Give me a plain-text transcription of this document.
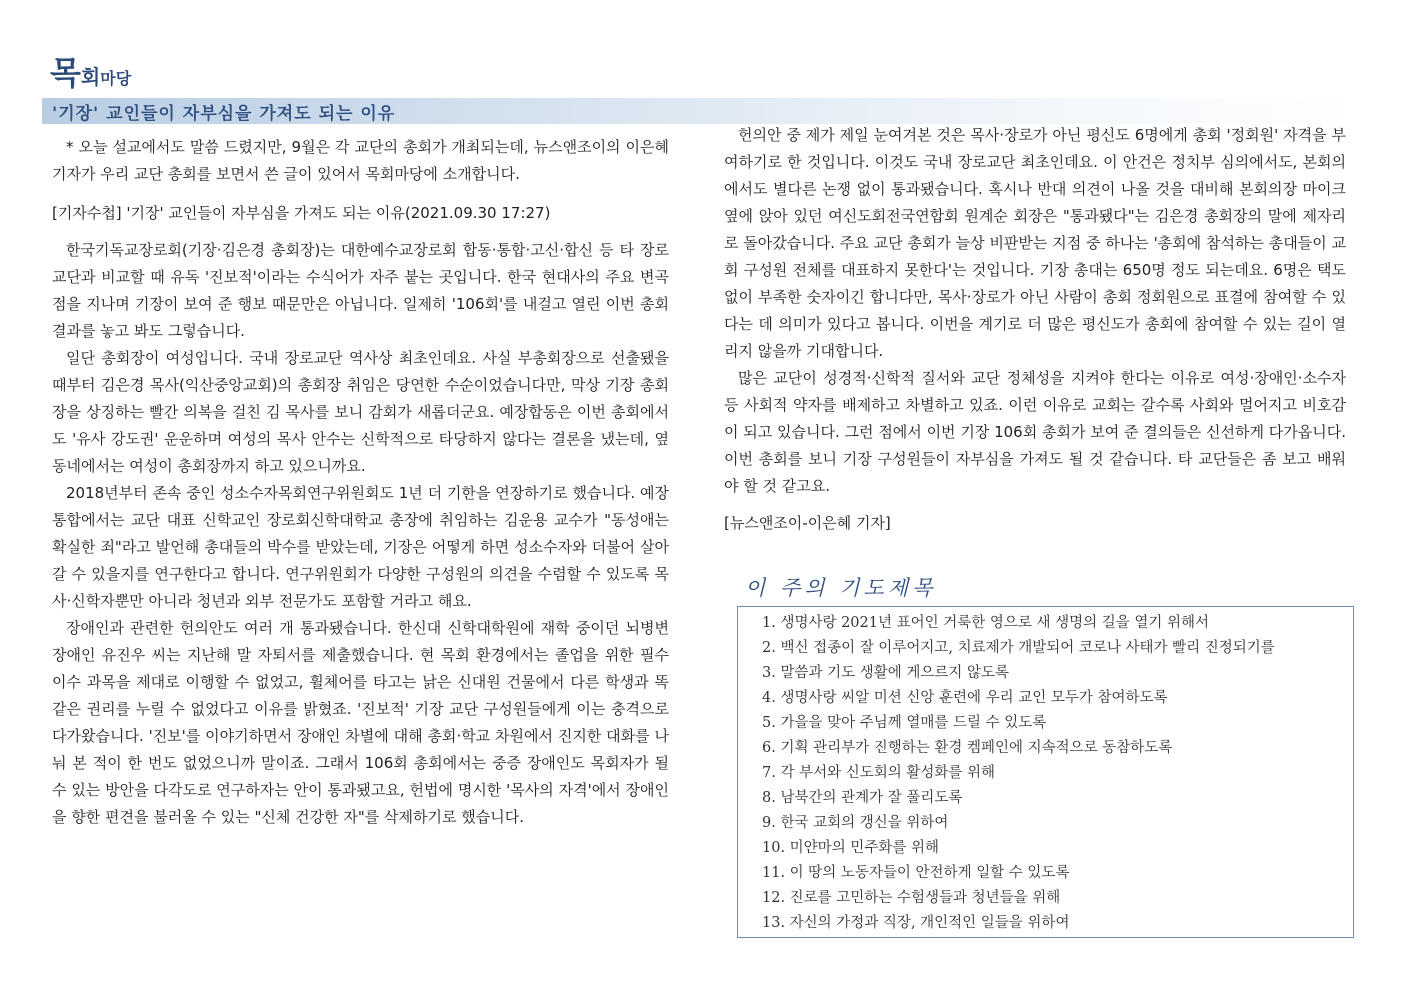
목회마당
'기장' 교인들이 자부심을 가져도 되는 이유

* 오늘 설교에서도 말씀 드렸지만, 9월은 각 교단의 총회가 개최되는데, 뉴스앤조이의 이은혜 기자가 우리 교단 총회를 보면서 쓴 글이 있어서 목회마당에 소개합니다.

[기자수첩] '기장' 교인들이 자부심을 가져도 되는 이유(2021.09.30 17:27)

한국기독교장로회(기장·김은경 총회장)는 대한예수교장로회 합동·통합·고신·합신 등 타 장로교단과 비교할 때 유독 '진보적'이라는 수식어가 자주 붙는 곳입니다. 한국 현대사의 주요 변곡점을 지나며 기장이 보여 준 행보 때문만은 아닙니다. 일제히 '106회'를 내걸고 열린 이번 총회 결과를 놓고 봐도 그렇습니다.

일단 총회장이 여성입니다. 국내 장로교단 역사상 최초인데요. 사실 부총회장으로 선출됐을 때부터 김은경 목사(익산중앙교회)의 총회장 취임은 당연한 수순이었습니다만, 막상 기장 총회장을 상징하는 빨간 의복을 걸친 김 목사를 보니 감회가 새롭더군요. 예장합동은 이번 총회에서도 '유사 강도권' 운운하며 여성의 목사 안수는 신학적으로 타당하지 않다는 결론을 냈는데, 옆 동네에서는 여성이 총회장까지 하고 있으니까요.

2018년부터 존속 중인 성소수자목회연구위원회도 1년 더 기한을 연장하기로 했습니다. 예장통합에서는 교단 대표 신학교인 장로회신학대학교 총장에 취임하는 김운용 교수가 "동성애는 확실한 죄"라고 발언해 총대들의 박수를 받았는데, 기장은 어떻게 하면 성소수자와 더불어 살아갈 수 있을지를 연구한다고 합니다. 연구위원회가 다양한 구성원의 의견을 수렴할 수 있도록 목사·신학자뿐만 아니라 청년과 외부 전문가도 포함할 거라고 해요.

장애인과 관련한 헌의안도 여러 개 통과됐습니다. 한신대 신학대학원에 재학 중이던 뇌병변 장애인 유진우 씨는 지난해 말 자퇴서를 제출했습니다. 현 목회 환경에서는 졸업을 위한 필수 이수 과목을 제대로 이행할 수 없었고, 휠체어를 타고는 낡은 신대원 건물에서 다른 학생과 똑같은 권리를 누릴 수 없었다고 이유를 밝혔죠. '진보적' 기장 교단 구성원들에게 이는 충격으로 다가왔습니다. '진보'를 이야기하면서 장애인 차별에 대해 총회·학교 차원에서 진지한 대화를 나눠 본 적이 한 번도 없었으니까 말이죠. 그래서 106회 총회에서는 중증 장애인도 목회자가 될 수 있는 방안을 다각도로 연구하자는 안이 통과됐고요, 헌법에 명시한 '목사의 자격'에서 장애인을 향한 편견을 불러올 수 있는 "신체 건강한 자"를 삭제하기로 했습니다.

헌의안 중 제가 제일 눈여겨본 것은 목사·장로가 아닌 평신도 6명에게 총회 '정회원' 자격을 부여하기로 한 것입니다. 이것도 국내 장로교단 최초인데요. 이 안건은 정치부 심의에서도, 본회의에서도 별다른 논쟁 없이 통과됐습니다. 혹시나 반대 의견이 나올 것을 대비해 본회의장 마이크 옆에 앉아 있던 여신도회전국연합회 원계순 회장은 "통과됐다"는 김은경 총회장의 말에 제자리로 돌아갔습니다. 주요 교단 총회가 늘상 비판받는 지점 중 하나는 '총회에 참석하는 총대들이 교회 구성원 전체를 대표하지 못한다'는 것입니다. 기장 총대는 650명 정도 되는데요. 6명은 택도 없이 부족한 숫자이긴 합니다만, 목사·장로가 아닌 사람이 총회 정회원으로 표결에 참여할 수 있다는 데 의미가 있다고 봅니다. 이번을 계기로 더 많은 평신도가 총회에 참여할 수 있는 길이 열리지 않을까 기대합니다.

많은 교단이 성경적·신학적 질서와 교단 정체성을 지켜야 한다는 이유로 여성·장애인·소수자 등 사회적 약자를 배제하고 차별하고 있죠. 이런 이유로 교회는 갈수록 사회와 멀어지고 비호감이 되고 있습니다. 그런 점에서 이번 기장 106회 총회가 보여 준 결의들은 신선하게 다가옵니다. 이번 총회를 보니 기장 구성원들이 자부심을 가져도 될 것 같습니다. 타 교단들은 좀 보고 배워야 할 것 같고요.

[뉴스앤조이-이은혜 기자]

이 주의 기도제목
1. 생명사랑 2021년 표어인 거룩한 영으로 새 생명의 길을 열기 위해서
2. 백신 접종이 잘 이루어지고, 치료제가 개발되어 코로나 사태가 빨리 진정되기를
3. 말씀과 기도 생활에 게으르지 않도록
4. 생명사랑 씨알 미션 신앙 훈련에 우리 교인 모두가 참여하도록
5. 가을을 맞아 주님께 열매를 드릴 수 있도록
6. 기획 관리부가 진행하는 환경 켐페인에 지속적으로 동참하도록
7. 각 부서와 신도회의 활성화를 위해
8. 남북간의 관계가 잘 풀리도록
9. 한국 교회의 갱신을 위하여
10. 미얀마의 민주화를 위해
11. 이 땅의 노동자들이 안전하게 일할 수 있도록
12. 진로를 고민하는 수험생들과 청년들을 위해
13. 자신의 가정과 직장, 개인적인 일들을 위하여
